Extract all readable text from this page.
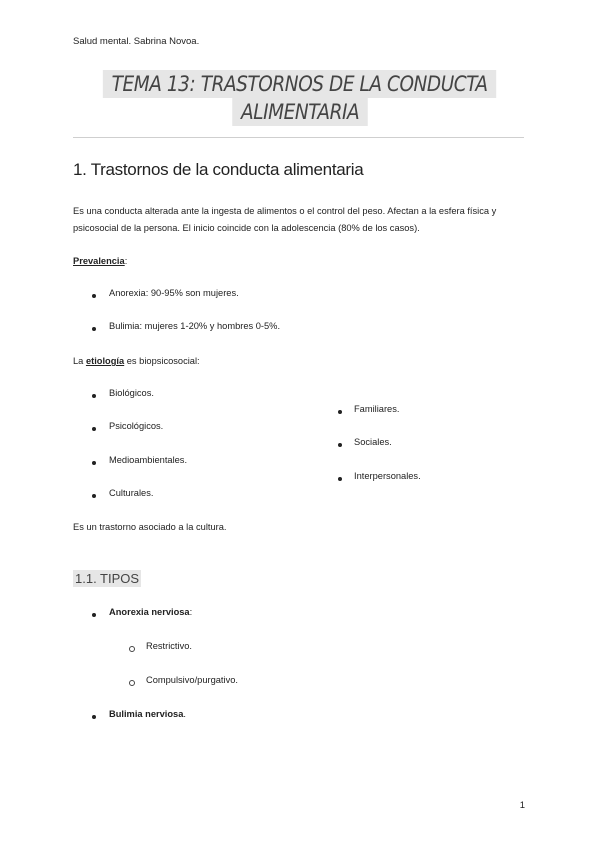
Salud mental. Sabrina Novoa.
TEMA 13: TRASTORNOS DE LA CONDUCTA
ALIMENTARIA
1. Trastornos de la conducta alimentaria
Es una conducta alterada ante la ingesta de alimentos o el control del peso. Afectan a la esfera física y psicosocial de la persona. El inicio coincide con la adolescencia (80% de los casos).
Prevalencia:
Anorexia: 90-95% son mujeres.
Bulimia: mujeres 1-20% y hombres 0-5%.
La etiología es biopsicosocial:
Biológicos.
Psicológicos.
Medioambientales.
Culturales.
Familiares.
Sociales.
Interpersonales.
Es un trastorno asociado a la cultura.
1.1. TIPOS
Anorexia nerviosa:
Restrictivo.
Compulsivo/purgativo.
Bulimia nerviosa.
1
